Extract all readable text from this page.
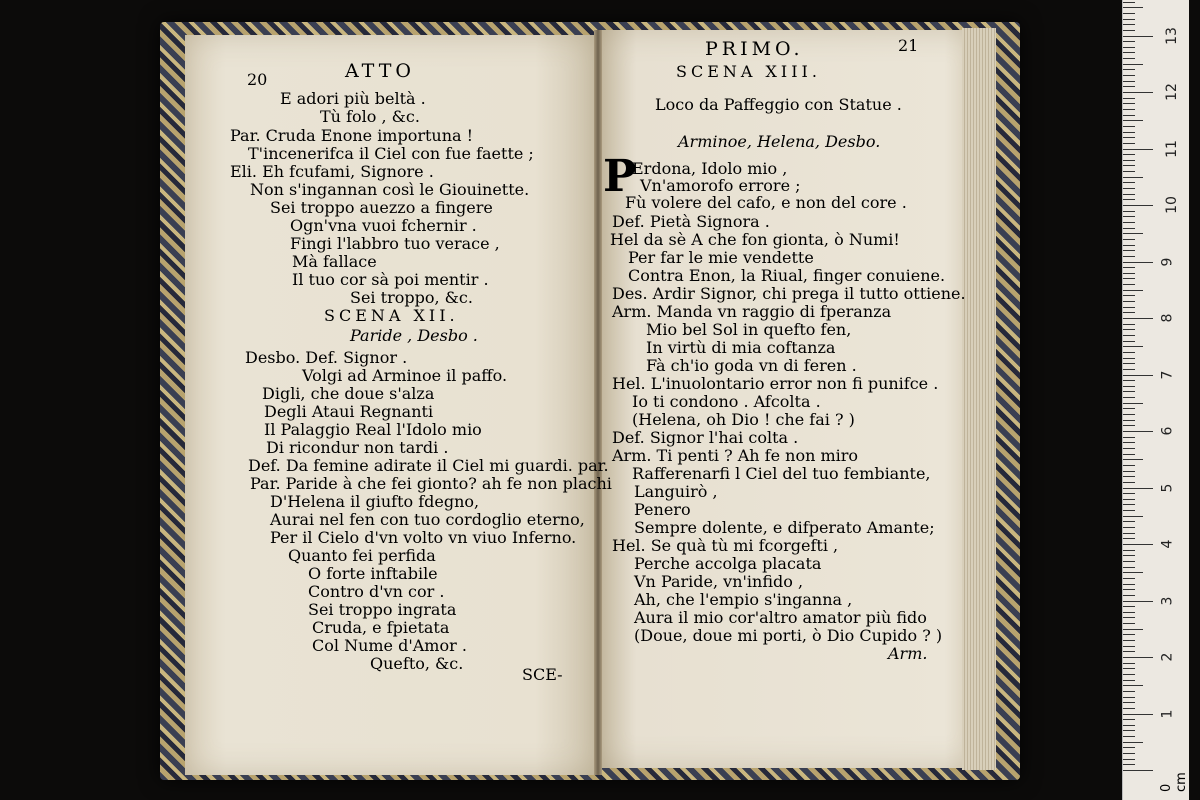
20	ATTO
E adori più beltà .
Tù folo , &c.
Par. Cruda Enone importuna !
T'incenerifca il Ciel con fue faette ;
Eli. Eh fcufami, Signore .
Non s'ingannan così le Giouinette.
Sei troppo auezzo a fingere
Ogn'vna vuoi fchernir .
Fingi l'labbro tuo verace ,
Mà fallace
Il tuo cor sà poi mentir .
Sei troppo, &c.
SCENA XII.
Paride , Desbo .
Desbo. Def. Signor .
Volgi ad Arminoe il paffo.
Digli, che doue s'alza
Degli Ataui Regnanti
Il Palaggio Real l'Idolo mio
Di ricondur non tardi .
Def. Da femine adirate il Ciel mi guardi. par.
Par. Paride à che fei gionto? ah fe non plachi
D'Helena il giufto fdegno,
Aurai nel fen con tuo cordoglio eterno,
Per il Cielo d'vn volto vn viuo Inferno.
Quanto fei perfida
O forte inftabile
Contro d'vn cor .
Sei troppo ingrata
Cruda, e fpietata
Col Nume d'Amor .
Quefto, &c.
SCE-
PRIMO.	21
SCENA XIII.
Loco da Paffeggio con Statue .
Arminoe, Helena, Desbo.
P
Erdona, Idolo mio ,
Vn'amorofo errore ;
Fù volere del cafo, e non del core .
Def. Pietà Signora .
Hel da sè A che fon gionta, ò Numi!
Per far le mie vendette
Contra Enon, la Riual, finger conuiene.
Des. Ardir Signor, chi prega il tutto ottiene.
Arm. Manda vn raggio di fperanza
Mio bel Sol in quefto fen,
In virtù di mia coftanza
Fà ch'io goda vn di feren .
Hel. L'inuolontario error non fi punifce .
Io ti condono . Afcolta .
(Helena, oh Dio ! che fai ? )
Def. Signor l'hai colta .
Arm. Ti penti ? Ah fe non miro
Rafferenarfi l Ciel del tuo fembiante,
Languirò ,
Penero
Sempre dolente, e difperato Amante;
Hel. Se quà tù mi fcorgefti ,
Perche accolga placata
Vn Paride, vn'infido ,
Ah, che l'empio s'inganna ,
Aura il mio cor'altro amator più fido
(Doue, doue mi porti, ò Dio Cupido ? )
Arm.
0 cm
1
2
3
4
5
6
7
8
9
10
11
12
13
